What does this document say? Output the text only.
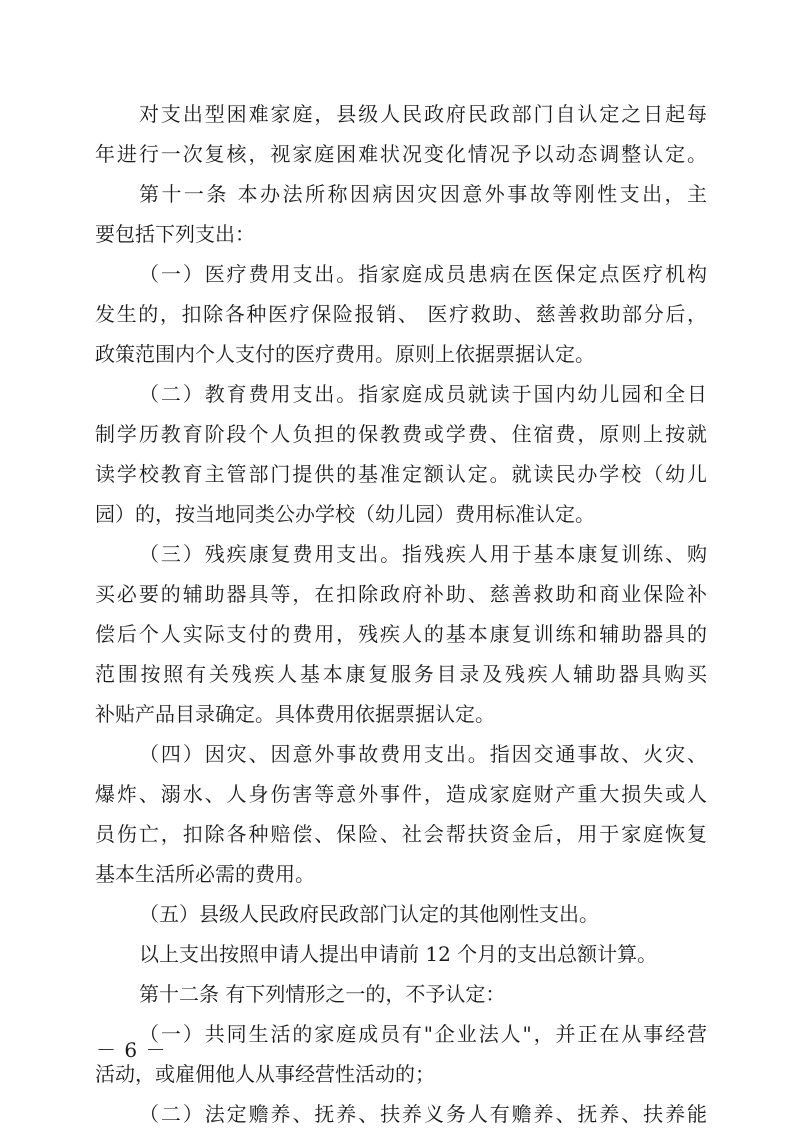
对支出型困难家庭，县级人民政府民政部门自认定之日起每
年进行一次复核，视家庭困难状况变化情况予以动态调整认定。
第十一条 本办法所称因病因灾因意外事故等刚性支出，主
要包括下列支出：
（一）医疗费用支出。指家庭成员患病在医保定点医疗机构
发生的，扣除各种医疗保险报销、 医疗救助、慈善救助部分后，
政策范围内个人支付的医疗费用。原则上依据票据认定。
（二）教育费用支出。指家庭成员就读于国内幼儿园和全日
制学历教育阶段个人负担的保教费或学费、住宿费，原则上按就
读学校教育主管部门提供的基准定额认定。就读民办学校（幼儿
园）的，按当地同类公办学校（幼儿园）费用标准认定。
（三）残疾康复费用支出。指残疾人用于基本康复训练、购
买必要的辅助器具等，在扣除政府补助、慈善救助和商业保险补
偿后个人实际支付的费用，残疾人的基本康复训练和辅助器具的
范围按照有关残疾人基本康复服务目录及残疾人辅助器具购买
补贴产品目录确定。具体费用依据票据认定。
（四）因灾、因意外事故费用支出。指因交通事故、火灾、
爆炸、溺水、人身伤害等意外事件，造成家庭财产重大损失或人
员伤亡，扣除各种赔偿、保险、社会帮扶资金后，用于家庭恢复
基本生活所必需的费用。
（五）县级人民政府民政部门认定的其他刚性支出。
以上支出按照申请人提出申请前 12 个月的支出总额计算。
第十二条 有下列情形之一的，不予认定：
（一）共同生活的家庭成员有"企业法人"，并正在从事经营
活动，或雇佣他人从事经营性活动的；
（二）法定赡养、抚养、扶养义务人有赡养、抚养、扶养能
－ 6 －
